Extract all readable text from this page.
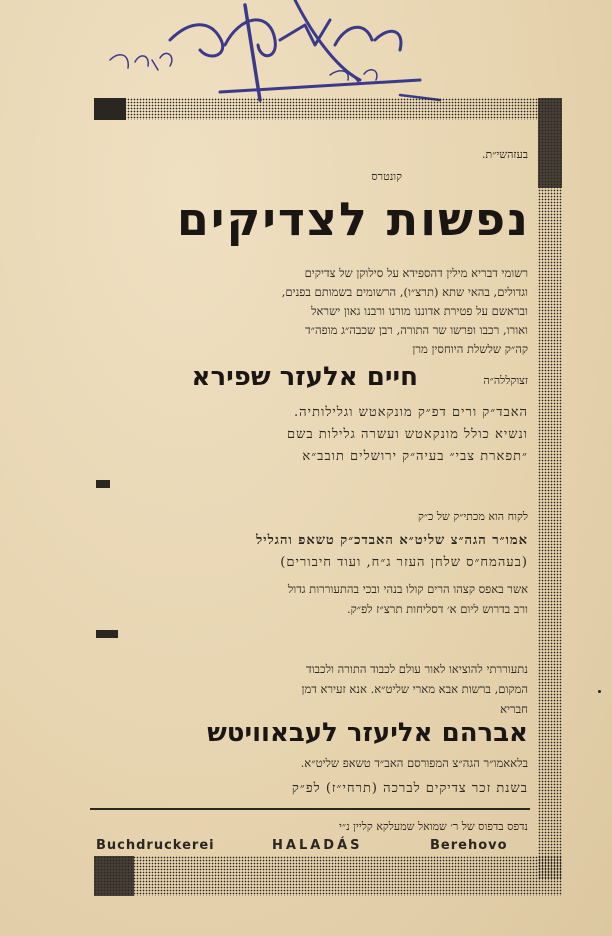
בעזהשי״ת.
קונטרס
נפשות לצדיקים
רשומי דבריא מילין דהספידא על סילוקן של צדיקים
וגדולים, בהאי שתא (תרצ״ו), הרשומים בשמותם בפנים,
ובראשם על פטירת אדוננו מורנו ורבנו גאון ישראל
ואורו, רכבו ופרשו שר התורה, רבן שכבה״ג מופה״ד
קה״ק שלשלת היוחסין מרן
חיים אלעזר שפירא	זצוקללה״ה
האבד״ק ורים דפ״ק מונקאטש וגלילותיה.
ונשיא כולל מונקאטש ועשרה גלילות בשם
״תפארת צבי״ בעיה״ק ירושלים תובב״א
לקוח הוא מכתי״ק של כ״ק
אמו״ר הגה״צ שליט״א האבדכ״ק טשאפ והגליל
(בעהמח״ס שלחן העזר ג״ח, ועוד חיבורים)
אשר באפס קצהו הרים קולו בנהי ובכי בהתעוררות גדול
ורב בדרוש ליום א׳ דסליחות תרצ״ז לפ״ק.
נתעוררתי להוציאו לאור עולם לכבוד התורה ולכבוד
המקום, ברשות אבא מארי שליט״א. אנא זעירא דמן
חבריא
אברהם אליעזר לעבאוויטש
בלאאמו״ר הגה״צ המפורסם האב״ד טשאפ שליט״א.
בשנת זכר צדיקים לברכה (תרחי״ז) לפ״ק
נדפס בדפוס של ר׳ שמואל שמעלקא קליין נ״י
Buchdruckerei	HALADÁS	Berehovo
